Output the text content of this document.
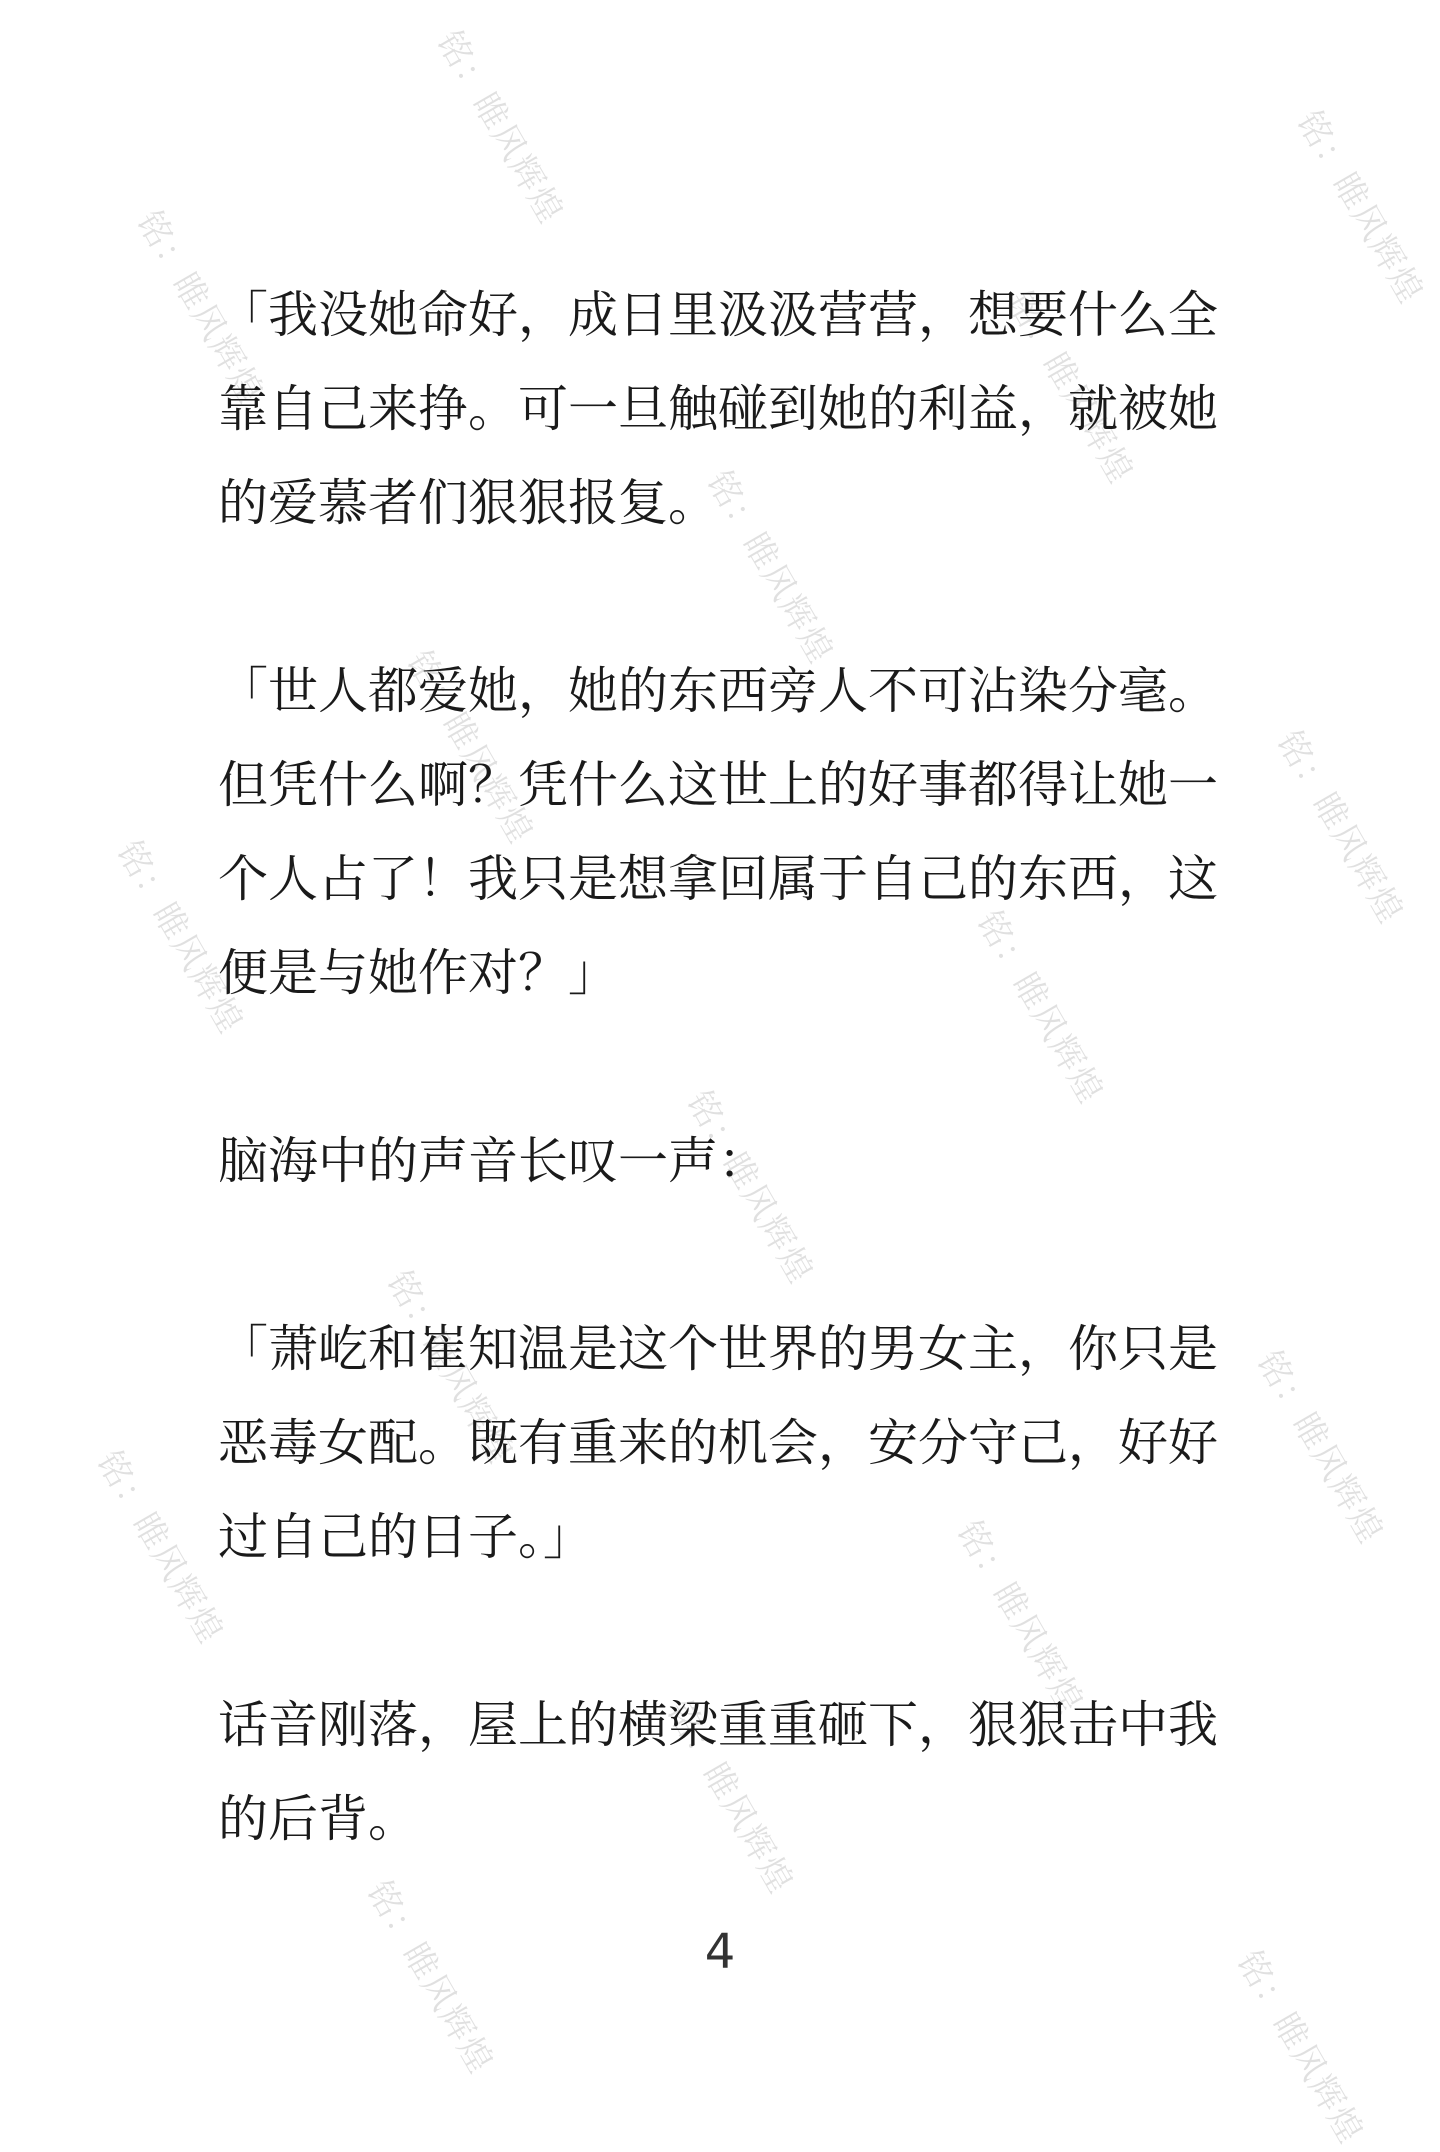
铭：睢风辉煌	铭：睢风辉煌
铭：睢风辉煌	铭：睢风辉煌
铭：睢风辉煌
铭：睢风辉煌	铭：睢风辉煌
铭：睢风辉煌	铭：睢风辉煌
铭：睢风辉煌
铭：睢风辉煌	铭：睢风辉煌
铭：睢风辉煌	铭：睢风辉煌
铭：睢风辉煌
铭：睢风辉煌	铭：睢风辉煌

「我没她命好，成日里汲汲营营，想要什么全靠自己来挣。可一旦触碰到她的利益，就被她的爱慕者们狠狠报复。

「世人都爱她，她的东西旁人不可沾染分毫。但凭什么啊？凭什么这世上的好事都得让她一个人占了！我只是想拿回属于自己的东西，这便是与她作对？」

脑海中的声音长叹一声：

「萧屹和崔知温是这个世界的男女主，你只是恶毒女配。既有重来的机会，安分守己，好好过自己的日子。」

话音刚落，屋上的横梁重重砸下，狠狠击中我的后背。

4
